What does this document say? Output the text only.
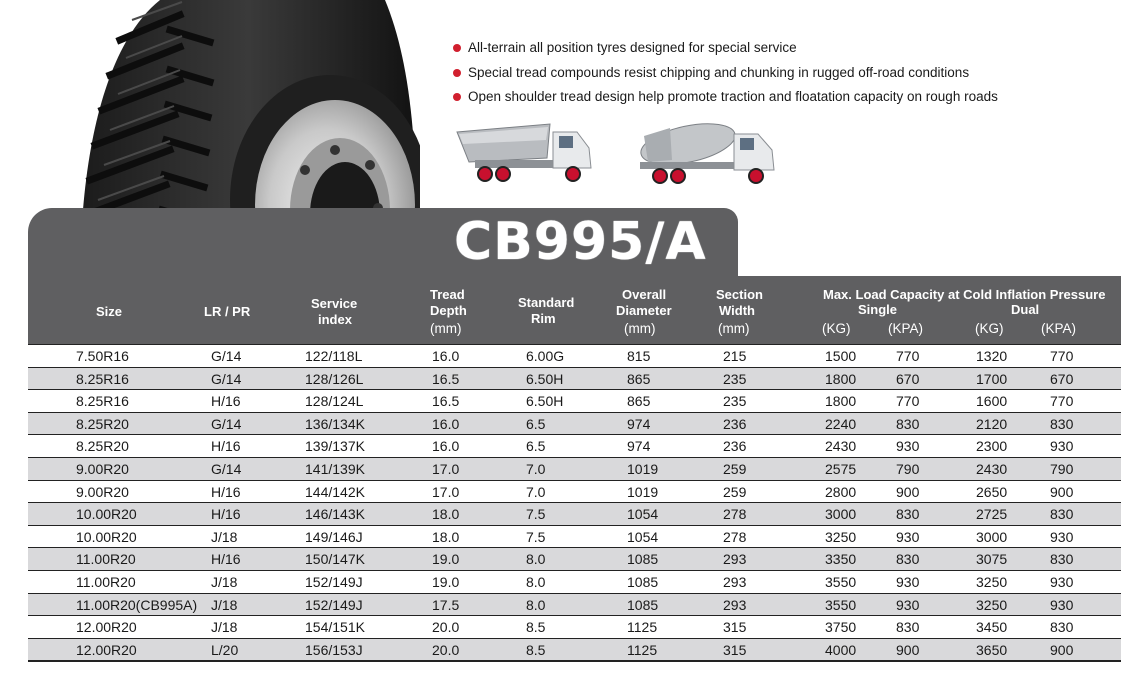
All-terrain all position tyres designed for special service
Special tread compounds resist chipping and chunking in rugged off-road conditions
Open shoulder tread design help promote traction and floatation capacity on rough roads
CB995/A
Size	LR / PR
Service
index
Tread
Depth
(mm)
Standard
Rim
Overall
Diameter
(mm)
Section
Width
(mm)
Max. Load Capacity at Cold Inflation Pressure
Single	Dual
(KG)	(KPA)	(KG)	(KPA)
7.50R16	G/14	122/118L	16.0	6.00G	815	215	1500	770	1320	770
8.25R16	G/14	128/126L	16.5	6.50H	865	235	1800	670	1700	670
8.25R16	H/16	128/124L	16.5	6.50H	865	235	1800	770	1600	770
8.25R20	G/14	136/134K	16.0	6.5	974	236	2240	830	2120	830
8.25R20	H/16	139/137K	16.0	6.5	974	236	2430	930	2300	930
9.00R20	G/14	141/139K	17.0	7.0	1019	259	2575	790	2430	790
9.00R20	H/16	144/142K	17.0	7.0	1019	259	2800	900	2650	900
10.00R20	H/16	146/143K	18.0	7.5	1054	278	3000	830	2725	830
10.00R20	J/18	149/146J	18.0	7.5	1054	278	3250	930	3000	930
11.00R20	H/16	150/147K	19.0	8.0	1085	293	3350	830	3075	830
11.00R20	J/18	152/149J	19.0	8.0	1085	293	3550	930	3250	930
11.00R20(CB995A) J/18	152/149J	17.5	8.0	1085	293	3550	930	3250	930
12.00R20	J/18	154/151K	20.0	8.5	1125	315	3750	830	3450	830
12.00R20	L/20	156/153J	20.0	8.5	1125	315	4000	900	3650	900
